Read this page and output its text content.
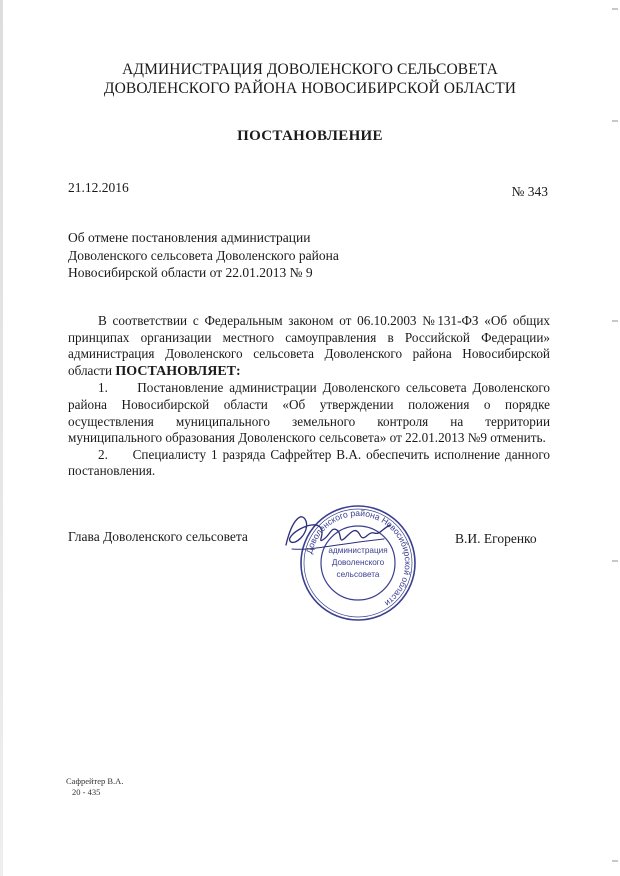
АДМИНИСТРАЦИЯ ДОВОЛЕНСКОГО СЕЛЬСОВЕТА
ДОВОЛЕНСКОГО РАЙОНА НОВОСИБИРСКОЙ ОБЛАСТИ
ПОСТАНОВЛЕНИЕ
21.12.2016	№ 343
Об отмене постановления администрации
Доволенского сельсовета Доволенского района
Новосибирской области от 22.01.2013 № 9

В соответствии с Федеральным законом от 06.10.2003 №131-ФЗ «Об общих принципах организации местного самоуправления в Российской Федерации» администрация Доволенского сельсовета Доволенского района Новосибирской области ПОСТАНОВЛЯЕТ:

1.     Постановление администрации Доволенского сельсовета Доволенского района Новосибирской области «Об утверждении положения о порядке осуществления муниципального земельного контроля на территории муниципального образования Доволенского сельсовета» от 22.01.2013 №9 отменить.

2.     Специалисту 1 разряда Сафрейтер В.А. обеспечить исполнение данного постановления.

Глава Доволенского сельсовета	В.И. Егоренко
Доволенского района Новосибирской области
администрация
Доволенского
сельсовета
Сафрейтер В.А.
20 - 435
